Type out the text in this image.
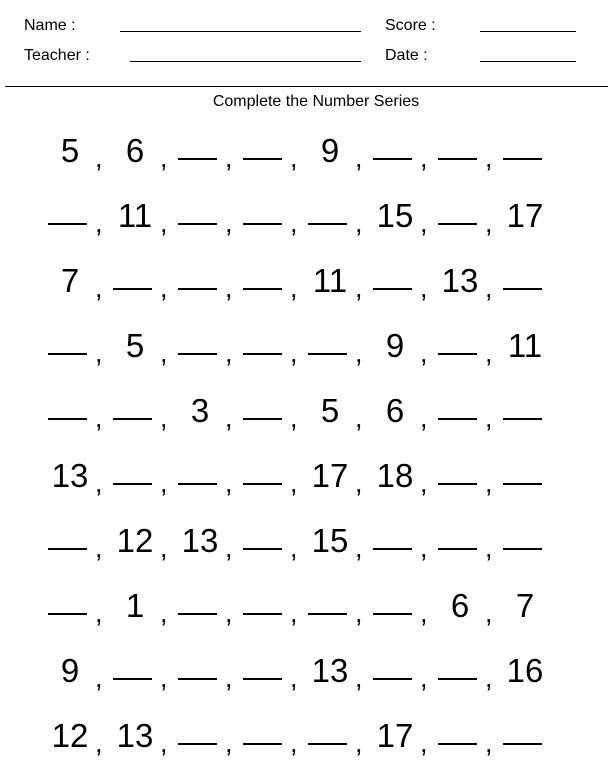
Name :
Teacher :
Score :
Date :
Complete the Number Series
5 , 6 , , , 9 , , ,
, 11 , , , , 15 , , 17
7 , , , , 11 , , 13 ,
, 5 , , , , 9 , , 11
, , 3 , , 5 , 6 , ,
13 , , , , 17 , 18 , ,
, 12 , 13 , , 15 , , ,
, 1 , , , , , 6 , 7
9 , , , , 13 , , , 16
12 , 13 , , , , 17 , ,
